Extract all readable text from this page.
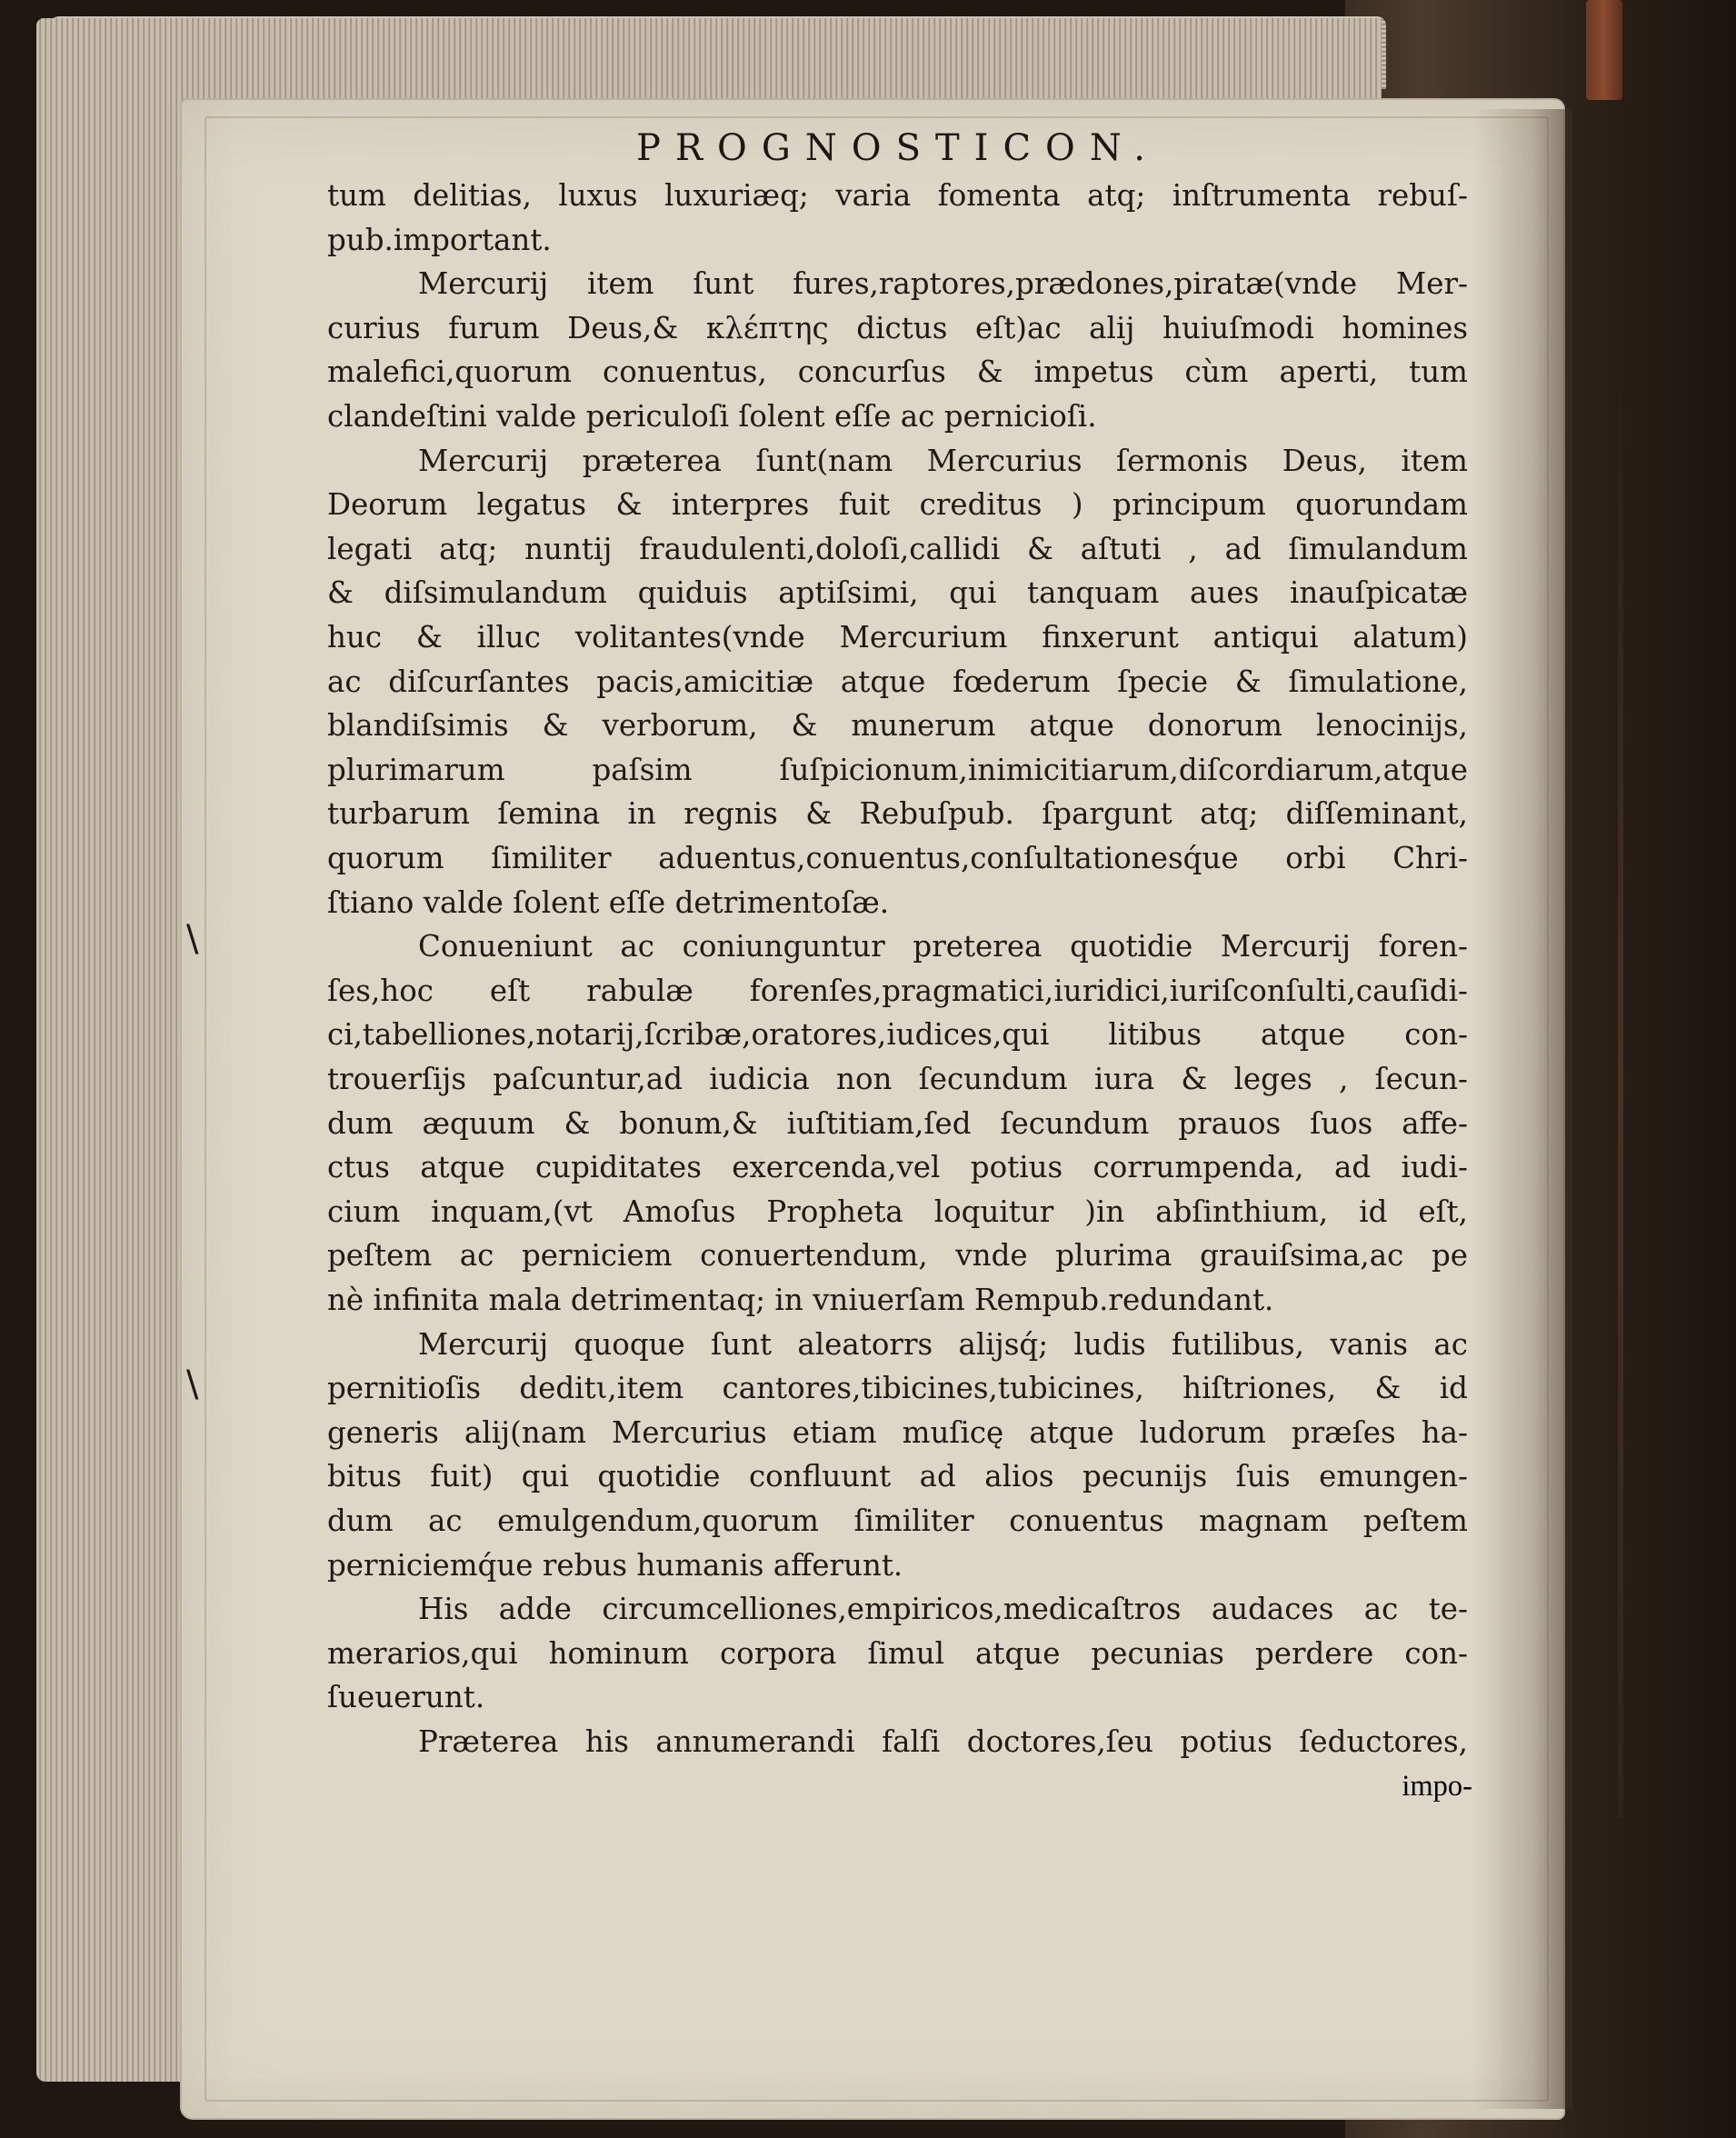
PROGNOSTICON.
tum delitias, luxus luxuriæq; varia fomenta atq; inſtrumenta rebuſ-
pub.important.
Mercurij item ſunt fures,raptores,prædones,piratæ(vnde Mer-
curius furum Deus,& κλέπτης dictus eſt)ac alij huiuſmodi homines
malefici,quorum conuentus, concurſus & impetus cùm aperti, tum
clandeſtini valde periculoſi ſolent eſſe ac pernicioſi.
Mercurij præterea ſunt(nam Mercurius ſermonis Deus, item
Deorum legatus & interpres fuit creditus ) principum quorundam
legati atq; nuntij fraudulenti,doloſi,callidi & aſtuti , ad ſimulandum
& diſsimulandum quiduis aptiſsimi, qui tanquam aues inauſpicatæ
huc & illuc volitantes(vnde Mercurium finxerunt antiqui alatum)
ac diſcurſantes pacis,amicitiæ atque fœderum ſpecie & ſimulatione,
blandiſsimis & verborum, & munerum atque donorum lenocinijs,
plurimarum paſsim ſuſpicionum,inimicitiarum,diſcordiarum,atque
turbarum ſemina in regnis & Rebuſpub. ſpargunt atq; diſſeminant,
quorum ſimiliter aduentus,conuentus,conſultationesq́ue orbi Chri-
ſtiano valde ſolent eſſe detrimentoſæ.
Conueniunt ac coniunguntur preterea quotidie Mercurij foren-
ſes,hoc eſt rabulæ forenſes,pragmatici,iuridici,iuriſconſulti,cauſidi-
ci,tabelliones,notarij,ſcribæ,oratores,iudices,qui litibus atque con-
trouerſijs paſcuntur,ad iudicia non ſecundum iura & leges , ſecun-
dum æquum & bonum,& iuſtitiam,ſed ſecundum prauos ſuos affe-
ctus atque cupiditates exercenda,vel potius corrumpenda, ad iudi-
cium inquam,(vt Amoſus Propheta loquitur )in abſinthium, id eſt,
peſtem ac perniciem conuertendum, vnde plurima grauiſsima,ac pe
nè infinita mala detrimentaq; in vniuerſam Rempub.redundant.
Mercurij quoque ſunt aleatorrs alijsq́; ludis futilibus, vanis ac
pernitioſis deditι,item cantores,tibicines,tubicines, hiſtriones, & id
generis alij(nam Mercurius etiam muſicę atque ludorum præſes ha-
bitus fuit) qui quotidie confluunt ad alios pecunijs ſuis emungen-
dum ac emulgendum,quorum ſimiliter conuentus magnam peſtem
perniciemq́ue rebus humanis afferunt.
His adde circumcelliones,empiricos,medicaſtros audaces ac te-
merarios,qui hominum corpora ſimul atque pecunias perdere con-
ſueuerunt.
Præterea his annumerandi falſi doctores,ſeu potius ſeductores,
impo-
\
\
